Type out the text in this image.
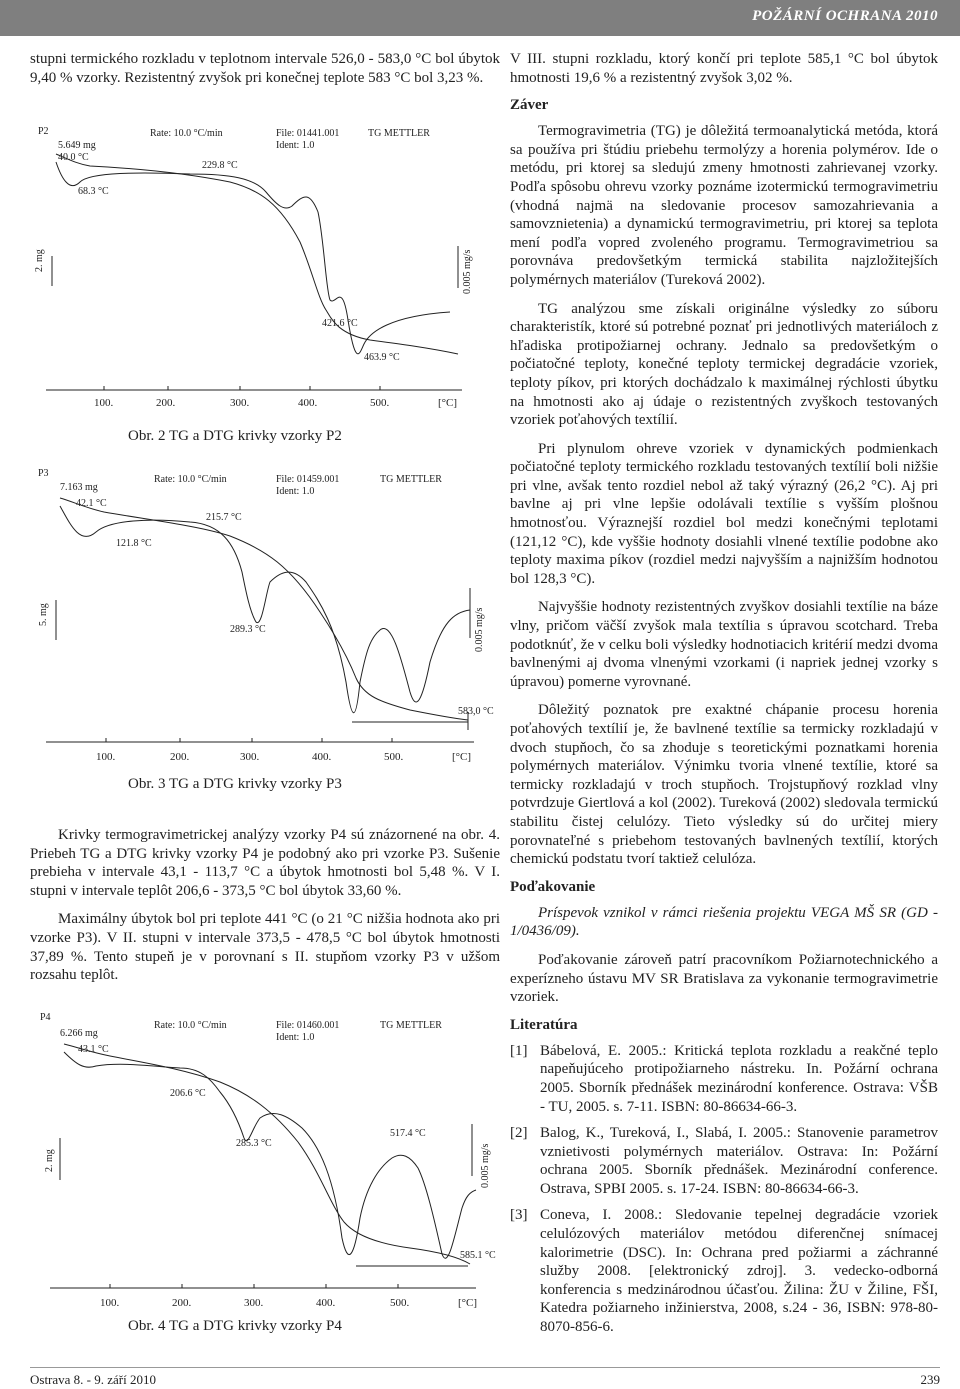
POŽÁRNÍ OCHRANA 2010

stupni termického rozkladu v teplotnom intervale 526,0 - 583,0 °C bol úbytok 9,40 % vzorky. Rezistentný zvyšok pri konečnej teplote 583 °C bol 3,23 %.

P2
5.649 mg
40.0 °C
68.3 °C
Rate: 10.0 °C/min	File: 01441.001
Ident: 1.0
TG METTLER
229.8 °C
421.6 °C
463.9 °C
2. mg	0.005 mg/s
100.	200.	300.	400.	500.	[°C]
Obr. 2 TG a DTG krivky vzorky P2
P3
7.163 mg
42.1 °C
121.8 °C
Rate: 10.0 °C/min	File: 01459.001
Ident: 1.0
TG METTLER
215.7 °C
289.3 °C
583,0 °C
5. mg	0.005 mg/s
100.	200.	300.	400.	500.	[°C]
Obr. 3 TG a DTG krivky vzorky P3

Krivky termogravimetrickej analýzy vzorky P4 sú znázornené na obr. 4. Priebeh TG a DTG krivky vzorky P4 je podobný ako pri vzorke P3. Sušenie prebieha v intervale 43,1 - 113,7 °C a úbytok hmotnosti bol 5,48 %. V I. stupni v intervale teplôt 206,6 - 373,5 °C bol úbytok 33,60 %.

Maximálny úbytok bol pri teplote 441 °C (o 21 °C nižšia hodnota ako pri vzorke P3). V II. stupni v intervale 373,5 - 478,5 °C bol úbytok hmotnosti 37,89 %. Tento stupeň je v porovnaní s II. stupňom vzorky P3 v užšom rozsahu teplôt.

P4
6.266 mg
43.1 °C
Rate: 10.0 °C/min	File: 01460.001
Ident: 1.0
TG METTLER
206.6 °C
285.3 °C
517.4 °C
585.1 °C
2. mg	0.005 mg/s
100.	200.	300.	400.	500.	[°C]
Obr. 4 TG a DTG krivky vzorky P4

V III. stupni rozkladu, ktorý končí pri teplote 585,1 °C bol úbytok hmotnosti 19,6 % a rezistentný zvyšok 3,02 %.

Záver

Termogravimetria (TG) je dôležitá termoanalytická metóda, ktorá sa používa pri štúdiu priebehu termolýzy a horenia polymérov. Ide o metódu, pri ktorej sa sledujú zmeny hmotnosti zahrievanej vzorky. Podľa spôsobu ohrevu vzorky poznáme izotermickú termogravimetriu (vhodná najmä na sledovanie procesov samozahrievania a samovznietenia) a dynamickú termogravimetriu, pri ktorej sa teplota mení podľa vopred zvoleného programu. Termogravimetriou sa porovnáva predovšetkým termická stabilita najzložitejších polymérnych materiálov (Tureková 2002).

TG analýzou sme získali originálne výsledky zo súboru charakteristík, ktoré sú potrebné poznať pri jednotlivých materiáloch z hľadiska protipožiarnej ochrany. Jednalo sa predovšetkým o počiatočné teploty, konečné teploty termickej degradácie vzoriek, teploty píkov, pri ktorých dochádzalo k maximálnej rýchlosti úbytku na hmotnosti ako aj údaje o rezistentných zvyškoch testovaných vzoriek poťahových textílií.

Pri plynulom ohreve vzoriek v dynamických podmienkach počiatočné teploty termického rozkladu testovaných textílií boli nižšie pri vlne, avšak tento rozdiel nebol až taký výrazný (26,2 °C). Aj pri bavlne aj pri vlne lepšie odolávali textílie s vyšším plošnou hmotnosťou. Výraznejší rozdiel bol medzi konečnými teplotami (121,12 °C), kde vyššie hodnoty dosiahli vlnené textílie podobne ako teploty maxima píkov (rozdiel medzi najvyšším a najnižším hodnotou bol 128,3 °C).

Najvyššie hodnoty rezistentných zvyškov dosiahli textílie na báze vlny, pričom väčší zvyšok mala textília s úpravou scotchard. Treba podotknúť, že v celku boli výsledky hodnotiacich kritérií medzi dvoma bavlnenými aj dvoma vlnenými vzorkami (i napriek jednej vzorky s úpravou) pomerne vyrovnané.

Dôležitý poznatok pre exaktné chápanie procesu horenia poťahových textílií je, že bavlnené textílie sa termicky rozkladajú v dvoch stupňoch, čo sa zhoduje s teoretickými poznatkami horenia polymérnych materiálov. Výnimku tvoria vlnené textílie, ktoré sa termicky rozkladajú v troch stupňoch. Trojstupňový rozklad vlny potvrdzuje Giertlová a kol (2002). Tureková (2002) sledovala termickú stabilitu čistej celulózy. Tieto výsledky sú do určitej miery porovnateľné s priebehom testovaných bavlnených textílií, ktorých chemickú podstatu tvorí taktiež celulóza.

Poďakovanie

Príspevok vznikol v rámci riešenia projektu VEGA MŠ SR (GD - 1/0436/09).

Poďakovanie zároveň patrí pracovníkom Požiarnotechnického a experízneho ústavu MV SR Bratislava za vykonanie termogravimetrie vzoriek.

Literatúra
[1] Bábelová, E. 2005.: Kritická teplota rozkladu a reakčné teplo napeňujúceho protipožiarneho nástreku. In. Požární ochrana 2005. Sborník přednášek mezinárodní konference. Ostrava: VŠB - TU, 2005. s. 7-11. ISBN: 80-86634-66-3.
[2] Balog, K., Tureková, I., Slabá, I. 2005.: Stanovenie parametrov vznietivosti polymérnych materiálov. Ostrava: In: Požární ochrana 2005. Sborník přednášek. Mezinárodní conference. Ostrava, SPBI 2005. s. 17-24. ISBN: 80-86634-66-3.
[3] Coneva, I. 2008.: Sledovanie tepelnej degradácie vzoriek celulózových materiálov metódou diferenčnej snímacej kalorimetrie (DSC). In: Ochrana pred požiarmi a záchranné služby 2008. [elektronický zdroj]. 3. vedecko-odborná konferencia s medzinárodnou účasťou. Žilina: ŽU v Žiline, FŠI, Katedra požiarneho inžinierstva, 2008, s.24 - 36, ISBN: 978-80-8070-856-6.
Ostrava 8. - 9. září 2010	239
